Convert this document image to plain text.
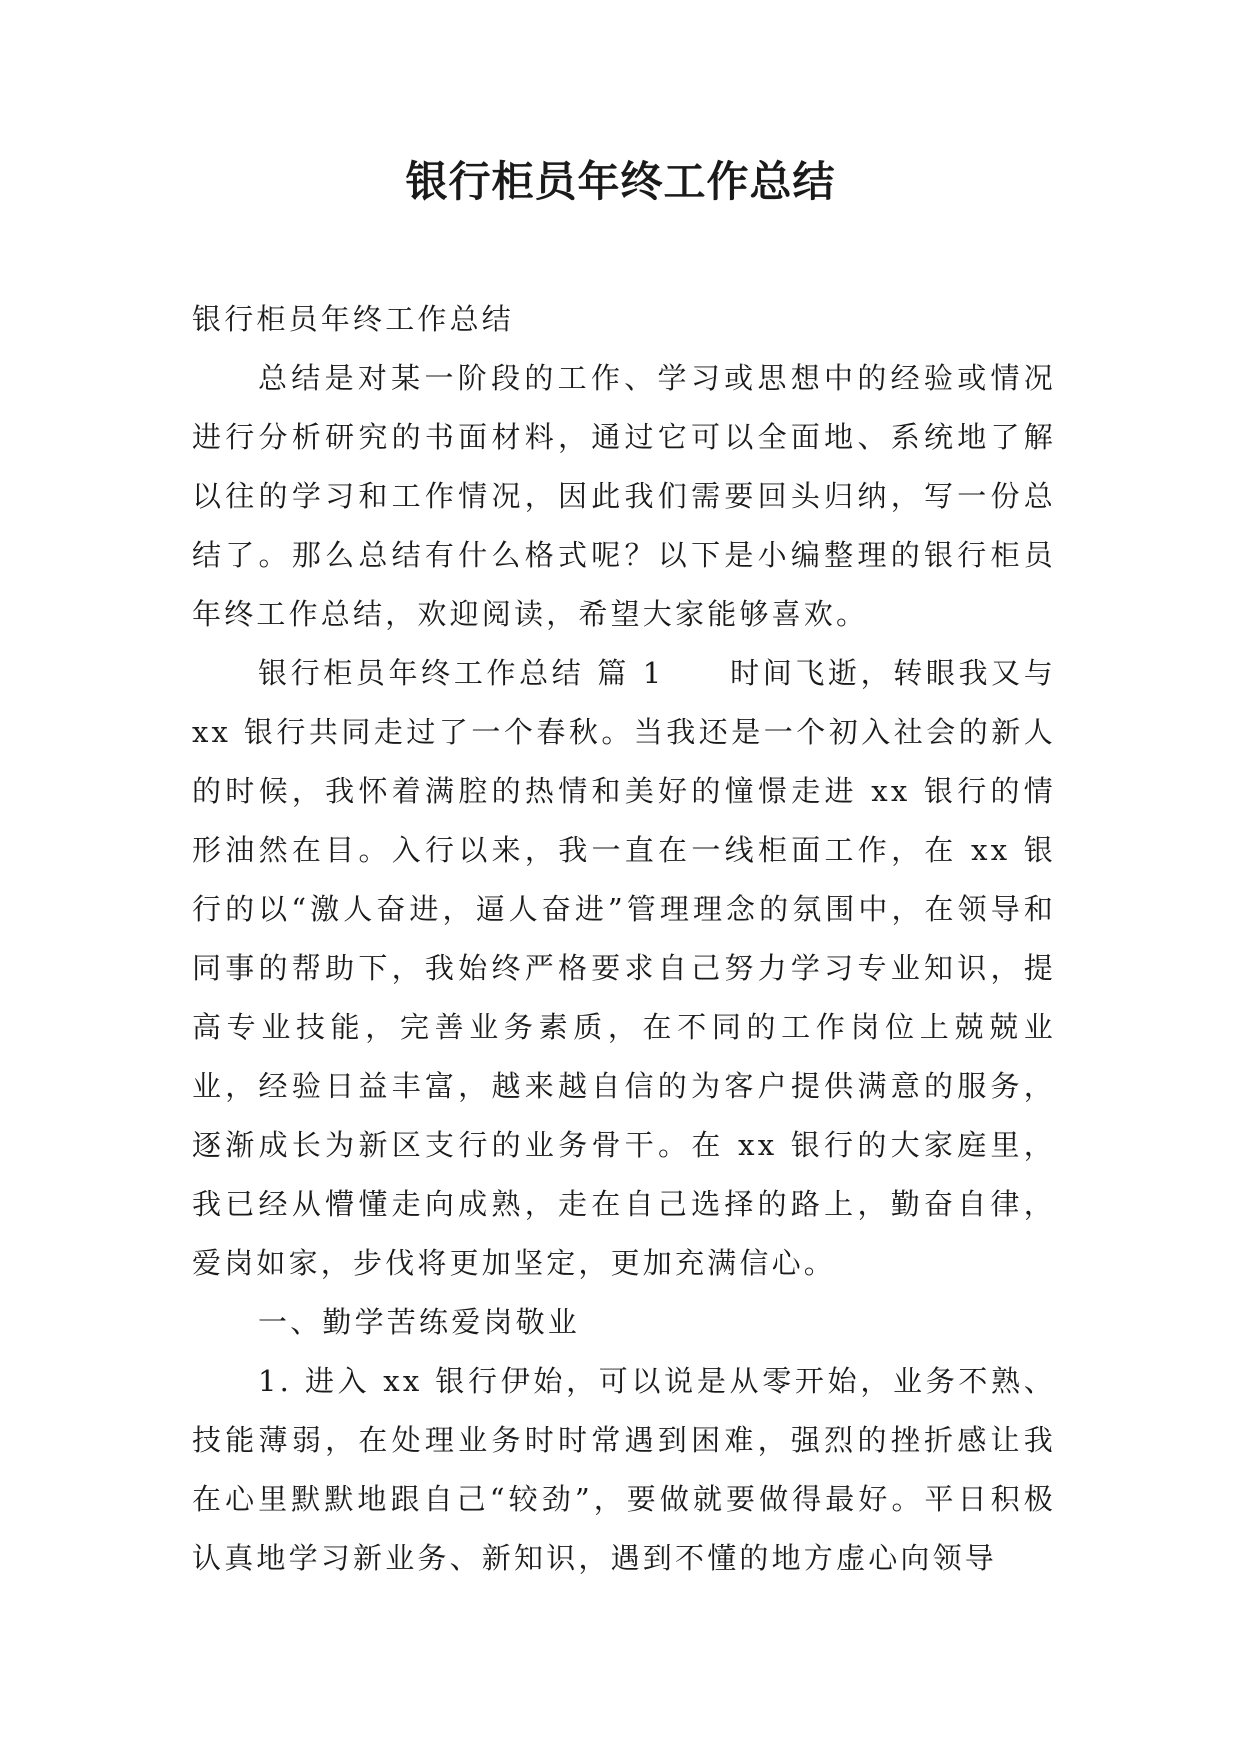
银行柜员年终工作总结

银行柜员年终工作总结

总结是对某一阶段的工作、学习或思想中的经验或情况进行分析研究的书面材料，通过它可以全面地、系统地了解以往的学习和工作情况，因此我们需要回头归纳，写一份总结了。那么总结有什么格式呢？以下是小编整理的银行柜员年终工作总结，欢迎阅读，希望大家能够喜欢。

银行柜员年终工作总结 篇 1　　时间飞逝，转眼我又与 xx 银行共同走过了一个春秋。当我还是一个初入社会的新人的时候，我怀着满腔的热情和美好的憧憬走进 xx 银行的情形油然在目。入行以来，我一直在一线柜面工作，在 xx 银行的以“激人奋进，逼人奋进”管理理念的氛围中，在领导和同事的帮助下，我始终严格要求自己努力学习专业知识，提高专业技能，完善业务素质，在不同的工作岗位上兢兢业业，经验日益丰富，越来越自信的为客户提供满意的服务，逐渐成长为新区支行的业务骨干。在 xx 银行的大家庭里，我已经从懵懂走向成熟，走在自己选择的路上，勤奋自律，爱岗如家，步伐将更加坚定，更加充满信心。

一、勤学苦练爱岗敬业

1. 进入 xx 银行伊始，可以说是从零开始，业务不熟、技能薄弱，在处理业务时时常遇到困难，强烈的挫折感让我在心里默默地跟自己“较劲”，要做就要做得最好。平日积极认真地学习新业务、新知识，遇到不懂的地方虚心向领导
